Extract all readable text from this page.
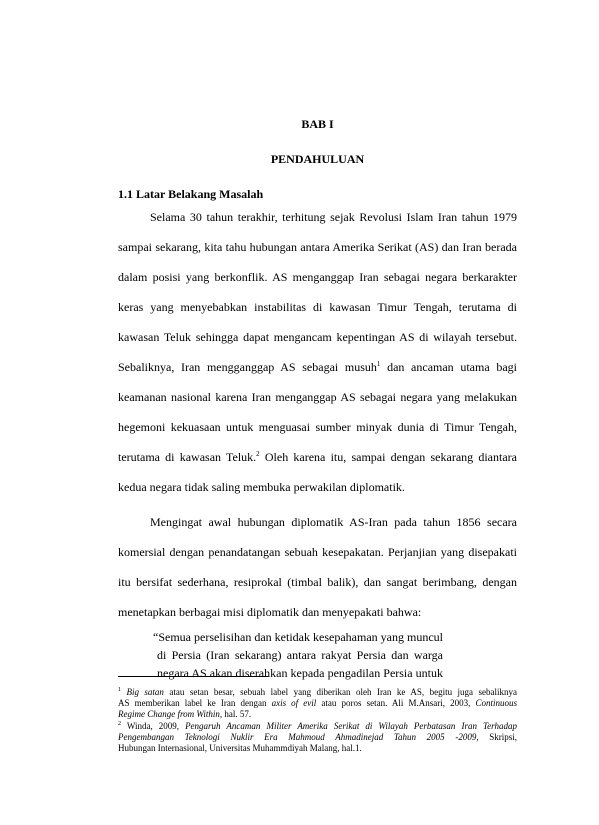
BAB I
PENDAHULUAN
1.1 Latar Belakang Masalah
Selama 30 tahun terakhir, terhitung sejak Revolusi Islam Iran tahun 1979
sampai sekarang, kita tahu hubungan antara Amerika Serikat (AS) dan Iran berada
dalam posisi yang berkonflik. AS menganggap Iran sebagai negara berkarakter
keras yang menyebabkan instabilitas di kawasan Timur Tengah, terutama di
kawasan Teluk sehingga dapat mengancam kepentingan AS di wilayah tersebut.
Sebaliknya, Iran mengganggap AS sebagai musuh$^1$ dan ancaman utama bagi
keamanan nasional karena Iran menganggap AS sebagai negara yang melakukan
hegemoni kekuasaan untuk menguasai sumber minyak dunia di Timur Tengah,
terutama di kawasan Teluk.$^2$ Oleh karena itu, sampai dengan sekarang diantara
kedua negara tidak saling membuka perwakilan diplomatik.
Mengingat awal hubungan diplomatik AS-Iran pada tahun 1856 secara
komersial dengan penandatangan sebuah kesepakatan. Perjanjian yang disepakati
itu bersifat sederhana, resiprokal (timbal balik), dan sangat berimbang, dengan
menetapkan berbagai misi diplomatik dan menyepakati bahwa:
“Semua perselisihan dan ketidak kesepahaman yang muncul
di Persia (Iran sekarang) antara rakyat Persia dan warga
negara AS akan diserahkan kepada pengadilan Persia untuk
$^1$ Big satan atau setan besar, sebuah label yang diberikan oleh Iran ke AS, begitu juga sebaliknya
AS memberikan label ke Iran dengan axis of evil atau poros setan. Ali M.Ansari, 2003, Continuous
Regime Change from Within, hal. 57.
$^2$ Winda, 2009, Pengaruh Ancaman Militer Amerika Serikat di Wilayah Perbatasan Iran Terhadap
Pengembangan Teknologi Nuklir Era Mahmoud Ahmadinejad Tahun 2005 -2009, Skripsi,
Hubungan Internasional, Universitas Muhammdiyah Malang, hal.1.
